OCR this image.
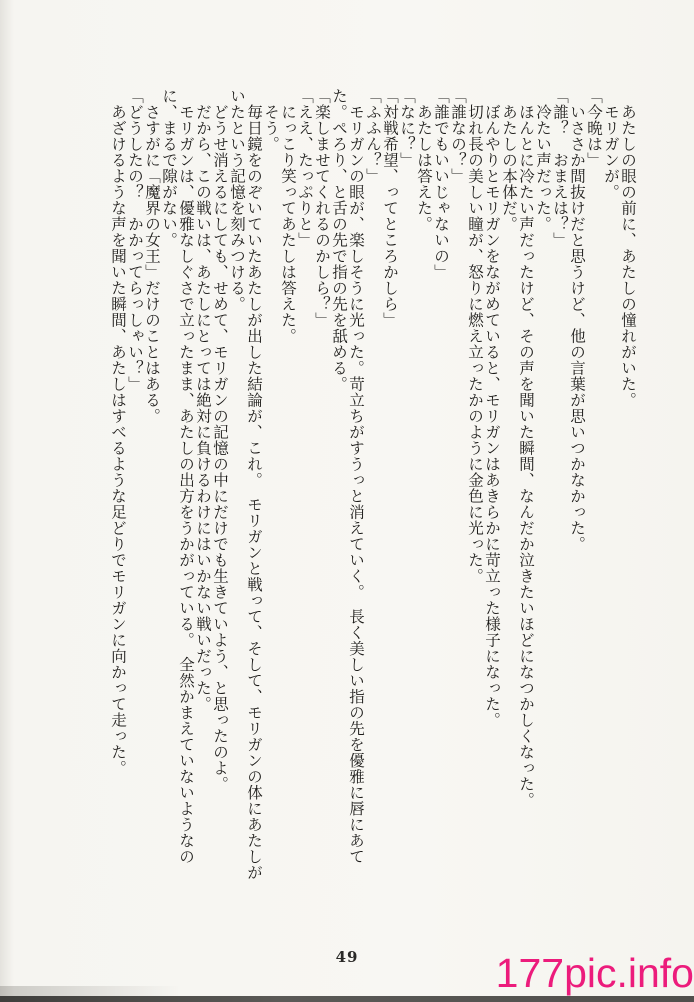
あたしの眼の前に、あたしの憧れがいた。

モリガンが。

「今晩は」

いささか間抜けだと思うけど、他の言葉が思いつかなかった。

「誰？　おまえは？」

冷たい声だった。

ほんとに冷たい声だったけど、その声を聞いた瞬間、なんだか泣きたいほどになつかしくなった。

あたしの本体だ。

ぼんやりとモリガンをながめていると、モリガンはあきらかに苛立った様子になった。

切れ長の美しい瞳が、怒りに燃え立ったかのように金色に光った。

「誰なの？」

「誰でもいいじゃないの」

あたしは答えた。

「なに？」

「対戦希望、ってところかしら」

「ふふん？」

モリガンの眼が、楽しそうに光った。苛立ちがすうっと消えていく。　長く美しい指の先を優雅に唇にあてた。ぺろり、と舌の先で指の先を舐める。

「楽しませてくれるのかしら？」

「ええ、たっぷりと」

にっこり笑ってあたしは答えた。

そう。

毎日鏡をのぞいていたあたしが出した結論が、これ。　モリガンと戦って、そして、モリガンの体にあたしがいたという記憶を刻みつける。

どうせ消えるにしても、せめて、モリガンの記憶の中にだけでも生きていよう、と思ったのよ。

だから、この戦いは、あたしにとっては絶対に負けるわけにはいかない戦いだった。

モリガンは、優雅なしぐさで立ったまま、あたしの出方をうかがっている。　全然かまえていないようなのに、まるで隙がない。

さすがに「魔界の女王」だけのことはある。

「どうしたの？　かかってらっしゃい？」

あざけるような声を聞いた瞬間、あたしはすべるような足どりでモリガンに向かって走った。

49	177pic.info
